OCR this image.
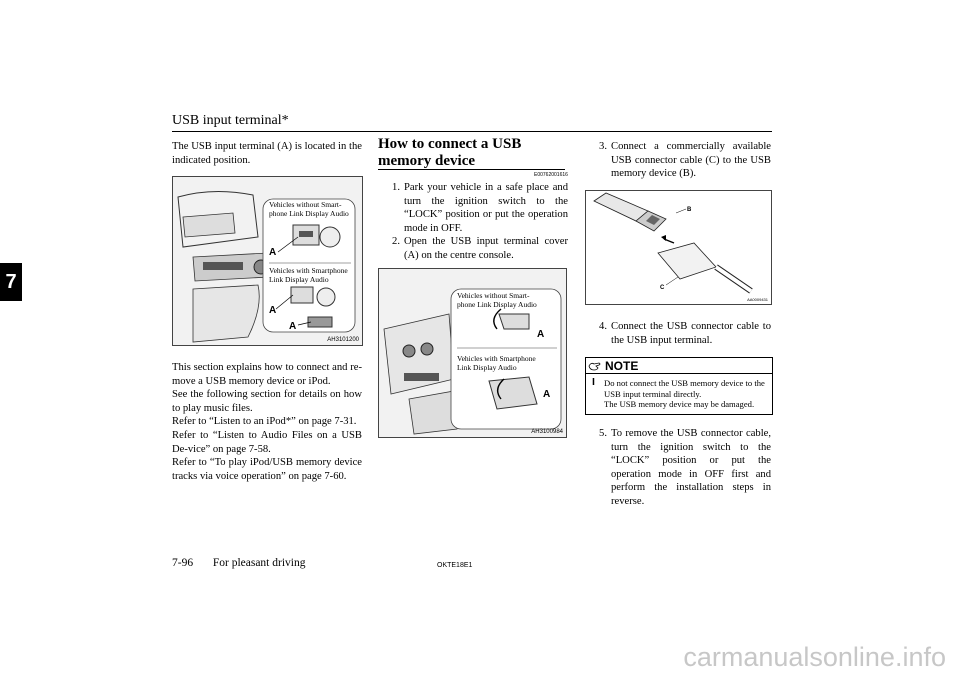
USB input terminal*
7
The USB input terminal (A) is located in the indicated position.
Vehicles without Smart-
phone Link Display Audio
Vehicles with Smartphone
Link Display Audio
A
A
A
AH3101200
This section explains how to connect and re-move a USB memory device or iPod.
See the following section for details on how to play music files.
Refer to “Listen to an iPod*” on page 7-31.
Refer to “Listen to Audio Files on a USB De-vice” on page 7-58.
Refer to “To play iPod/USB memory device tracks via voice operation” on page 7-60.
How to connect a USB memory device
E00762001616
1. Park your vehicle in a safe place and turn the ignition switch to the “LOCK” position or put the operation mode in OFF.
2. Open the USB input terminal cover (A) on the centre console.
Vehicles without Smart-
phone Link Display Audio
Vehicles with Smartphone
Link Display Audio
A
A
AH3100984
3. Connect a commercially available USB connector cable (C) to the USB memory device (B).
B
C
AA0009431
4. Connect the USB connector cable to the USB input terminal.
NOTE
l	Do not connect the USB memory device to the USB input terminal directly.
The USB memory device may be damaged.
5. To remove the USB connector cable, turn the ignition switch to the “LOCK” position or put the operation mode in OFF first and perform the installation steps in reverse.
7-96 For pleasant driving	OKTE18E1
carmanualsonline.info
